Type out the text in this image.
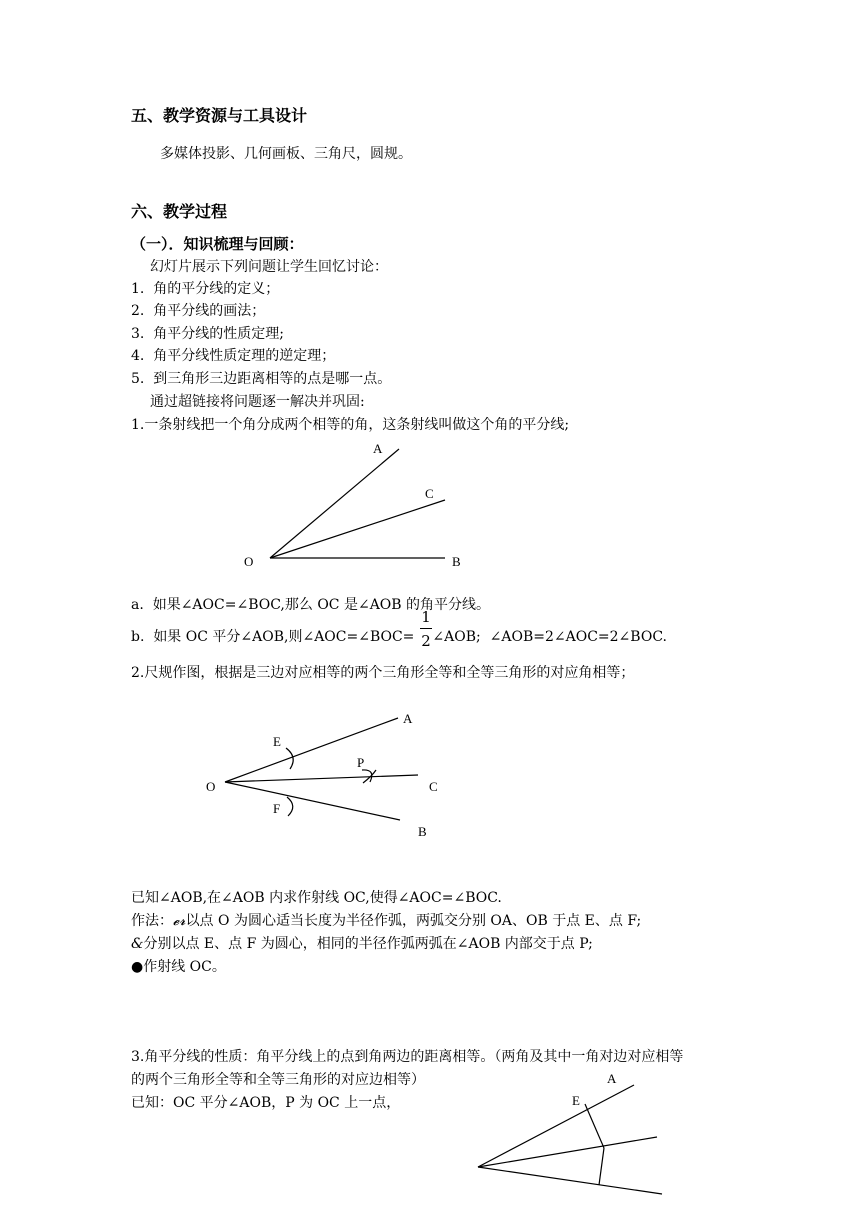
五、教学资源与工具设计
多媒体投影、几何画板、三角尺，圆规。
六、教学过程
（一）．知识梳理与回顾：
幻灯片展示下列问题让学生回忆讨论：
1.  角的平分线的定义；
2.  角平分线的画法；
3.  角平分线的性质定理;
4.  角平分线性质定理的逆定理；
5.  到三角形三边距离相等的点是哪一点。
通过超链接将问题逐一解决并巩固:
1.一条射线把一个角分成两个相等的角，这条射线叫做这个角的平分线;
A
C
O	B
a.  如果∠AOC=∠BOC,那么 OC 是∠AOB 的角平分线。
b.  如果 OC 平分∠AOB,则∠AOC=∠BOC= ∠AOB;  ∠AOB=2∠AOC=2∠BOC.
1
2
2.尺规作图，根据是三边对应相等的两个三角形全等和全等三角形的对应角相等；
A
E
P
O	C
F
B
已知∠AOB,在∠AOB 内求作射线 OC,使得∠AOC=∠BOC.
作法：𝓮𝓻以点 O 为圆心适当长度为半径作弧，两弧交分别 OA、OB 于点 E、点 F;
&分别以点 E、点 F 为圆心，相同的半径作弧两弧在∠AOB 内部交于点 P;
●作射线 OC。
3.角平分线的性质：角平分线上的点到角两边的距离相等。（两角及其中一角对边对应相等
的两个三角形全等和全等三角形的对应边相等）
已知：OC 平分∠AOB，P 为 OC 上一点，
A
E
